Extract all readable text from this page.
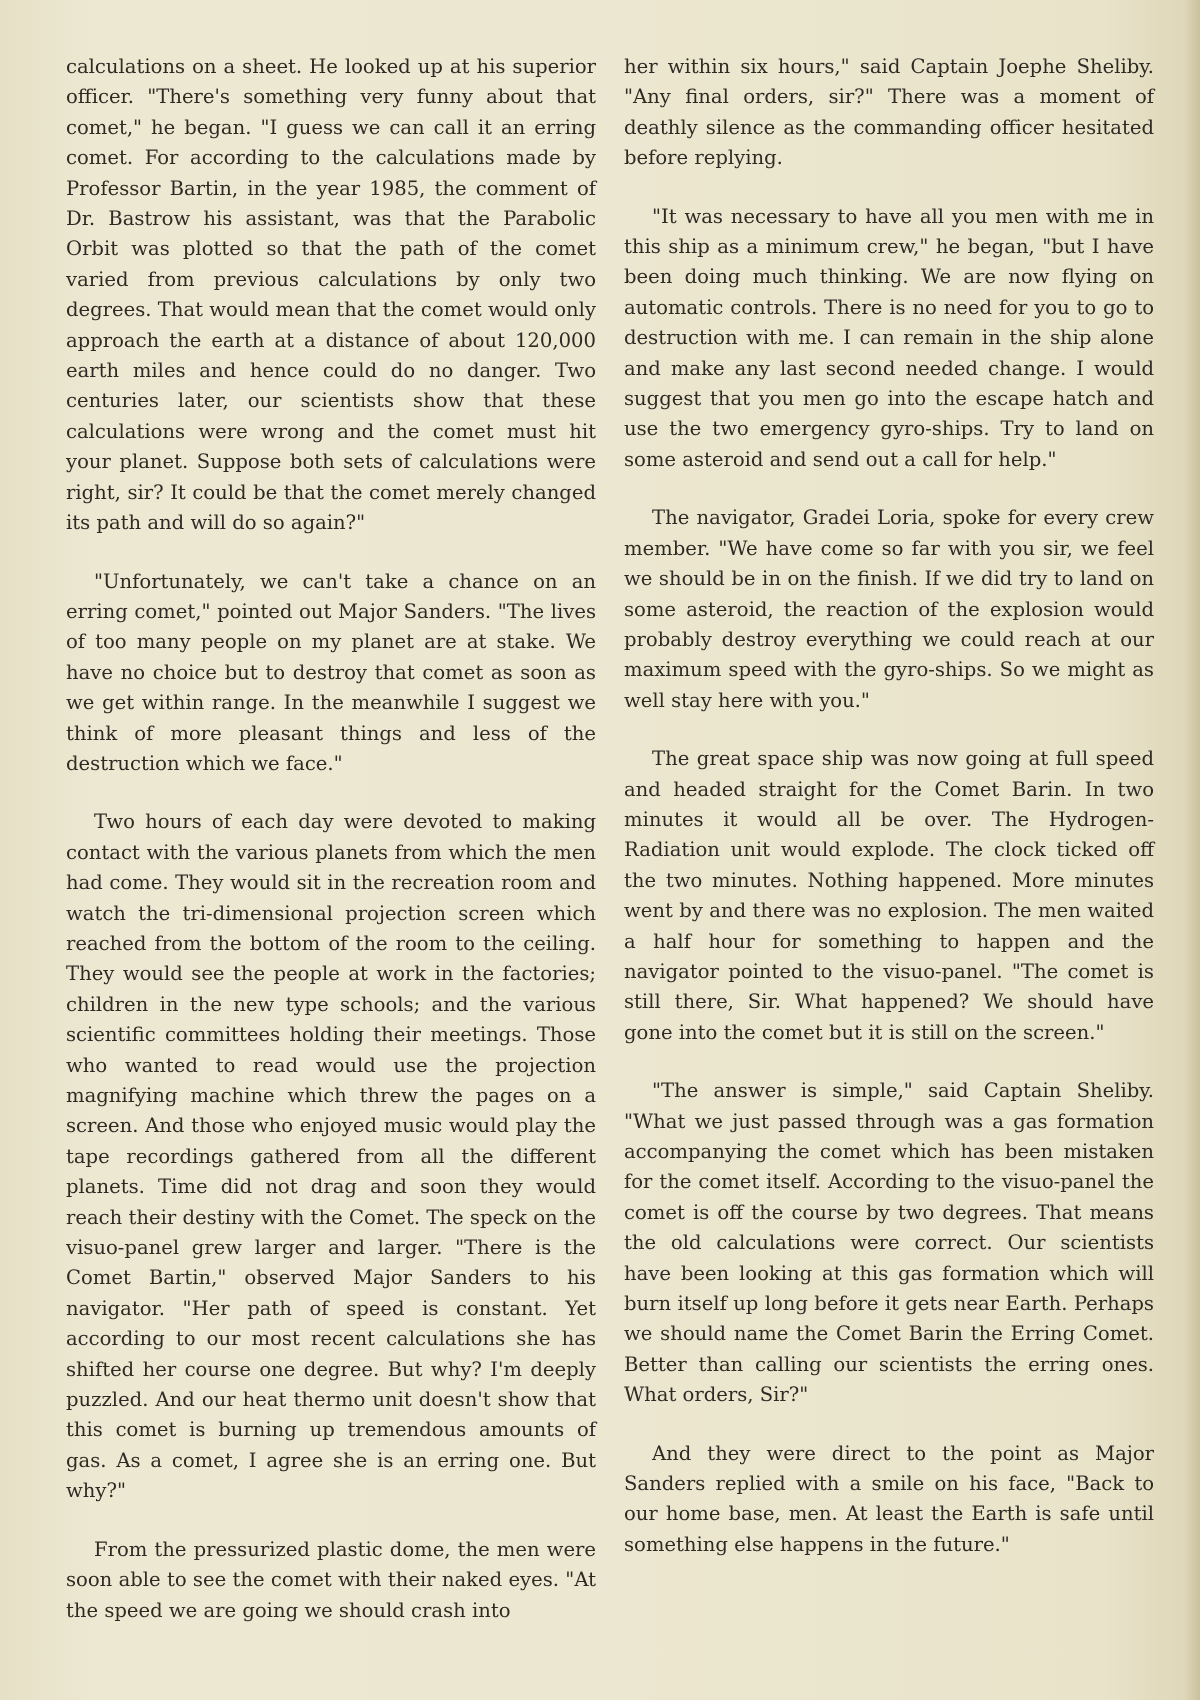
calculations on a sheet. He looked up at his superior officer. "There's something very funny about that comet," he began. "I guess we can call it an erring comet. For according to the calculations made by Professor Bartin, in the year 1985, the comment of Dr. Bastrow his assistant, was that the Parabolic Orbit was plotted so that the path of the comet varied from previous calculations by only two degrees. That would mean that the comet would only approach the earth at a distance of about 120,000 earth miles and hence could do no danger. Two centuries later, our scientists show that these calculations were wrong and the comet must hit your planet. Suppose both sets of calculations were right, sir? It could be that the comet merely changed its path and will do so again?"

"Unfortunately, we can't take a chance on an erring comet," pointed out Major Sanders. "The lives of too many people on my planet are at stake. We have no choice but to destroy that comet as soon as we get within range. In the meanwhile I suggest we think of more pleasant things and less of the destruction which we face."

Two hours of each day were devoted to making contact with the various planets from which the men had come. They would sit in the recreation room and watch the tri-dimensional projection screen which reached from the bottom of the room to the ceiling. They would see the people at work in the factories; children in the new type schools; and the various scientific committees holding their meetings. Those who wanted to read would use the projection magnifying machine which threw the pages on a screen. And those who enjoyed music would play the tape recordings gathered from all the different planets. Time did not drag and soon they would reach their destiny with the Comet. The speck on the visuo-panel grew larger and larger. "There is the Comet Bartin," observed Major Sanders to his navigator. "Her path of speed is constant. Yet according to our most recent calculations she has shifted her course one degree. But why? I'm deeply puzzled. And our heat thermo unit doesn't show that this comet is burning up tremendous amounts of gas. As a comet, I agree she is an erring one. But why?"

From the pressurized plastic dome, the men were soon able to see the comet with their naked eyes. "At the speed we are going we should crash into

her within six hours," said Captain Joephe Sheliby. "Any final orders, sir?" There was a moment of deathly silence as the commanding officer hesitated before replying.

"It was necessary to have all you men with me in this ship as a minimum crew," he began, "but I have been doing much thinking. We are now flying on automatic controls. There is no need for you to go to destruction with me. I can remain in the ship alone and make any last second needed change. I would suggest that you men go into the escape hatch and use the two emergency gyro-ships. Try to land on some asteroid and send out a call for help."

The navigator, Gradei Loria, spoke for every crew member. "We have come so far with you sir, we feel we should be in on the finish. If we did try to land on some asteroid, the reaction of the explosion would probably destroy everything we could reach at our maximum speed with the gyro-ships. So we might as well stay here with you."

The great space ship was now going at full speed and headed straight for the Comet Barin. In two minutes it would all be over. The Hydrogen-Radiation unit would explode. The clock ticked off the two minutes. Nothing happened. More minutes went by and there was no explosion. The men waited a half hour for something to happen and the navigator pointed to the visuo-panel. "The comet is still there, Sir. What happened? We should have gone into the comet but it is still on the screen."

"The answer is simple," said Captain Sheliby. "What we just passed through was a gas formation accompanying the comet which has been mistaken for the comet itself. According to the visuo-panel the comet is off the course by two degrees. That means the old calculations were correct. Our scientists have been looking at this gas formation which will burn itself up long before it gets near Earth. Perhaps we should name the Comet Barin the Erring Comet. Better than calling our scientists the erring ones. What orders, Sir?"

And they were direct to the point as Major Sanders replied with a smile on his face, "Back to our home base, men. At least the Earth is safe until something else happens in the future."
